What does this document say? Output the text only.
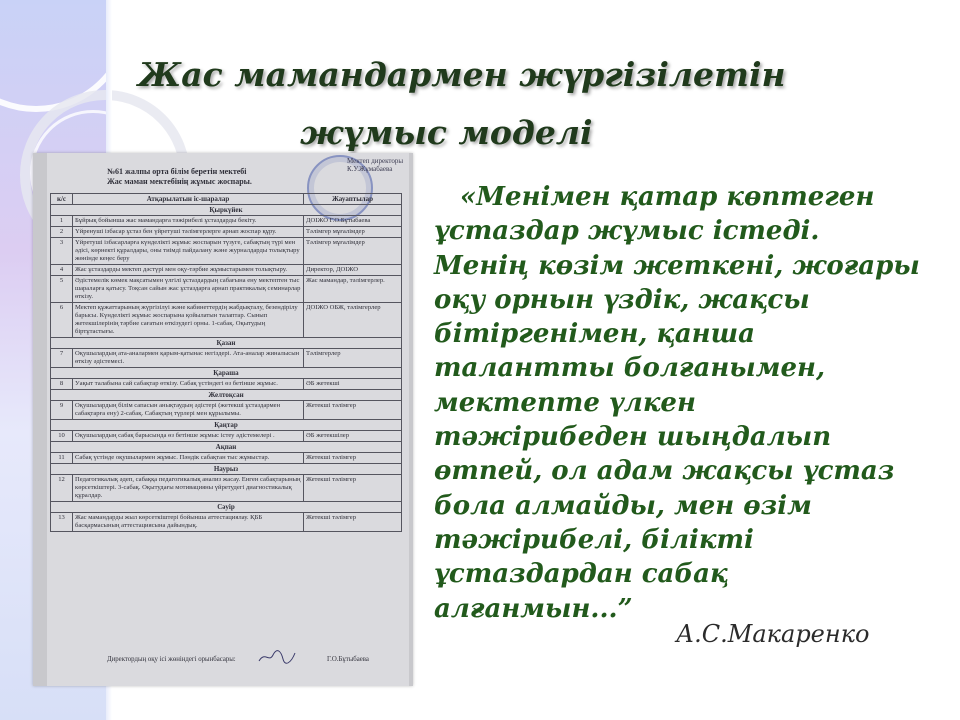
Жас мамандармен жүргізілетін
жұмыс моделі
Мектеп директоры
К.У.Жұмабаева
№61 жалпы орта білім беретін мектебі
Жас маман мектебінің жұмыс жоспары.
к/с	Атқарылатын іс-шаралар	Жауаптылар
Қыркүйек		
1	Бұйрық бойынша жас мамандарға тәжірибелі ұстаздарды бекіту.	ДОІЖО Г.О.Бұтыбаева
2	Үйренуші ізбасар ұстаз бен үйретуші тәлімгерлерге арнап жоспар құру.	Тәлімгер мұғалімдер
3	Үйретуші ізбасарларға күнделікті жұмыс жоспарын түзуге, сабақтың түрі мен әдісі, көрнекті құралдары, оны тиімді пайдалану және журналдарды толықтыру жөнінде кеңес беру	Тәлімгер мұғалімдер
4	Жас ұстаздарды мектеп дәстүрі мен оқу-тәрбие жұмыстарымен толықтыру.	Директор, ДОІЖО
5	Әдістемелік көмек мақсатымен үлгілі ұстаздардың сабағына ену мектептен тыс шараларға қатысу. Тоқсан сайын жас ұстаздарға арнап практикалық семинарлар өткізу.	Жас мамандар, тәлімгерлер.
6	Мектеп құжаттарының жүргізілуі және кабинеттердің жабдықталу, безендірілу барысы. Күнделікті жұмыс жоспарына қойылатын талаптар. Сынып жетекшілерінің тәрбие сағатын өткізудегі орны. 1-сабақ. Оқытудың біртұтастығы.	ДОІЖО ОБЖ, тәлімгерлер
Қазан		
7	Оқушылардың ата-аналармен қарым-қатынас негіздері. Ата-аналар жиналысын өткізу әдістемесі.	Тәлімгерлер
Қараша		
8	Уақыт талабына сай сабақтар өткізу. Сабақ үстіндегі өз бетінше жұмыс.	ӘБ жетекші
Желтоқсан		
9	Оқушылардың білім сапасын анықтаудың әдістері (жетекші ұстаздармен сабақтарға ену) 2-сабақ. Сабақтың түрлері мен құрылымы.	Жетекші тәлімгер
Қаңтар		
10	Оқушылардың сабақ барысында өз бетінше жұмыс істеу әдістемелері .	ӘБ жетекшілер
Ақпан		
11	Сабақ үстінде оқушылармен жұмыс. Пәндік сабақтан тыс жұмыстар.	Жетекші тәлімгер
Наурыз		
12	Педагогикалық әдеп, сабаққа педагогикалық анализ жасау. Енген сабақтарының көрсеткіштері. 3-сабақ. Оқытудағы мотивацияны үйретудегі диагностикалық құралдар.	Жетекші тәлімгер
Сәуір		
13	Жас мамандарды жыл көрсеткіштері бойынша аттестациялау. ҚББ басқармасының аттестациясына дайындық.	Жетекші тәлімгер
Директордың оқу ісі жөніндегі орынбасары:	Г.О.Бұтыбаева
«Менімен қатар көптеген
ұстаздар жұмыс істеді.
Менің көзім жеткені, жоғары
оқу орнын үздік, жақсы
бітіргенімен, қанша
талантты болғанымен,
мектепте үлкен
тәжірибеден шыңдалып
өтпей, ол адам жақсы ұстаз
бола алмайды, мен өзім
тәжірибелі, білікті
ұстаздардан сабақ
алғанмын...”
А.С.Макаренко
